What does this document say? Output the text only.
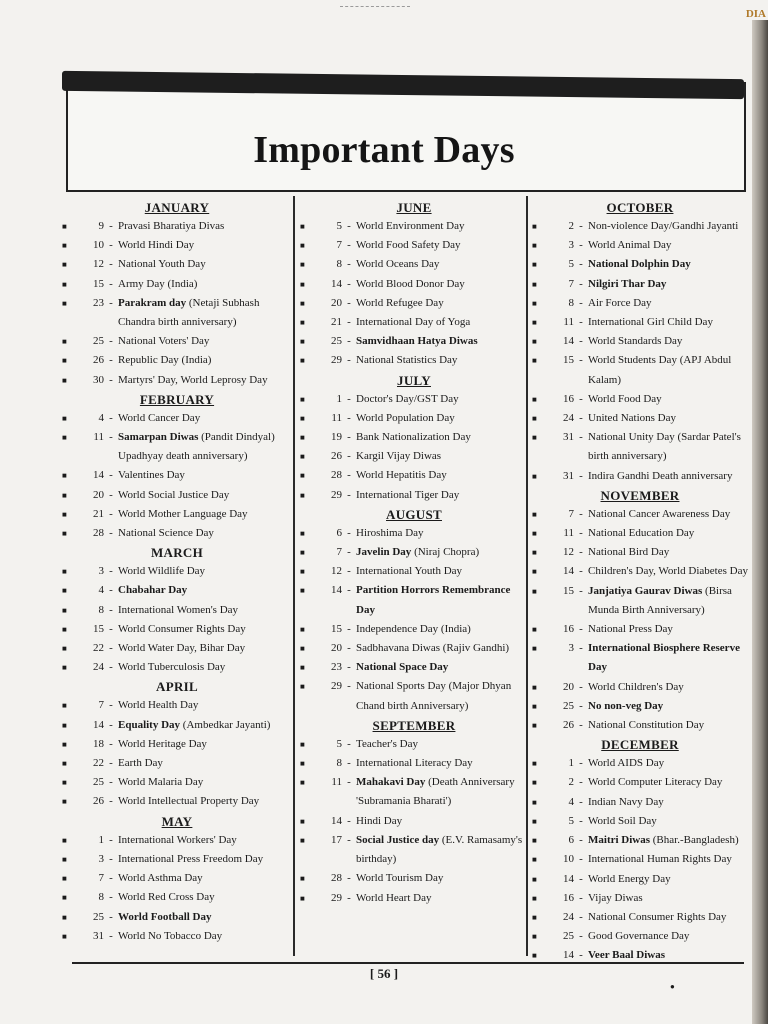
DIA
Important Days
JANUARY
■	9 - Pravasi Bharatiya Divas
■	10 - World Hindi Day
■	12 - National Youth Day
■	15 - Army Day (India)
■	23 - Parakram day (Netaji Subhash Chandra birth anniversary)
■	25 - National Voters' Day
■	26 - Republic Day (India)
■	30 - Martyrs' Day, World Leprosy Day
FEBRUARY
■	4 - World Cancer Day
■	11 - Samarpan Diwas (Pandit Dindyal) Upadhyay death anniversary)
■	14 - Valentines Day
■	20 - World Social Justice Day
■	21 - World Mother Language Day
■	28 - National Science Day
MARCH
■	3 - World Wildlife Day
■	4 - Chabahar Day
■	8 - International Women's Day
■	15 - World Consumer Rights Day
■	22 - World Water Day, Bihar Day
■	24 - World Tuberculosis Day
APRIL
■	7 - World Health Day
■	14 - Equality Day (Ambedkar Jayanti)
■	18 - World Heritage Day
■	22 - Earth Day
■	25 - World Malaria Day
■	26 - World Intellectual Property Day
MAY
■	1 - International Workers' Day
■	3 - International Press Freedom Day
■	7 - World Asthma Day
■	8 - World Red Cross Day
■	25 - World Football Day
■	31 - World No Tobacco Day
JUNE
■	5 - World Environment Day
■	7 - World Food Safety Day
■	8 - World Oceans Day
■	14 - World Blood Donor Day
■	20 - World Refugee Day
■	21 - International Day of Yoga
■	25 - Samvidhaan Hatya Diwas
■	29 - National Statistics Day
JULY
■	1 - Doctor's Day/GST Day
■	11 - World Population Day
■	19 - Bank Nationalization Day
■	26 - Kargil Vijay Diwas
■	28 - World Hepatitis Day
■	29 - International Tiger Day
AUGUST
■	6 - Hiroshima Day
■	7 - Javelin Day (Niraj Chopra)
■	12 - International Youth Day
■	14 - Partition Horrors Remembrance Day
■	15 - Independence Day (India)
■	20 - Sadbhavana Diwas (Rajiv Gandhi)
■	23 - National Space Day
■	29 - National Sports Day (Major Dhyan Chand birth Anniversary)
SEPTEMBER
■	5 - Teacher's Day
■	8 - International Literacy Day
■	11 - Mahakavi Day (Death Anniversary 'Subramania Bharati')
■	14 - Hindi Day
■	17 - Social Justice day (E.V. Ramasamy's birthday)
■	28 - World Tourism Day
■	29 - World Heart Day
OCTOBER
■	2 - Non-violence Day/Gandhi Jayanti
■	3 - World Animal Day
■	5 - National Dolphin Day
■	7 - Nilgiri Thar Day
■	8 - Air Force Day
■	11 - International Girl Child Day
■	14 - World Standards Day
■	15 - World Students Day (APJ Abdul Kalam)
■	16 - World Food Day
■	24 - United Nations Day
■	31 - National Unity Day (Sardar Patel's birth anniversary)
■	31 - Indira Gandhi Death anniversary
NOVEMBER
■	7 - National Cancer Awareness Day
■	11 - National Education Day
■	12 - National Bird Day
■	14 - Children's Day, World Diabetes Day
■	15 - Janjatiya Gaurav Diwas (Birsa Munda Birth Anniversary)
■	16 - National Press Day
■	3 - International Biosphere Reserve Day
■	20 - World Children's Day
■	25 - No non-veg Day
■	26 - National Constitution Day
DECEMBER
■	1 - World AIDS Day
■	2 - World Computer Literacy Day
■	4 - Indian Navy Day
■	5 - World Soil Day
■	6 - Maitri Diwas (Bhar.-Bangladesh)
■	10 - International Human Rights Day
■	14 - World Energy Day
■	16 - Vijay Diwas
■	24 - National Consumer Rights Day
■	25 - Good Governance Day
■	14 - Veer Baal Diwas
[ 56 ]
●
